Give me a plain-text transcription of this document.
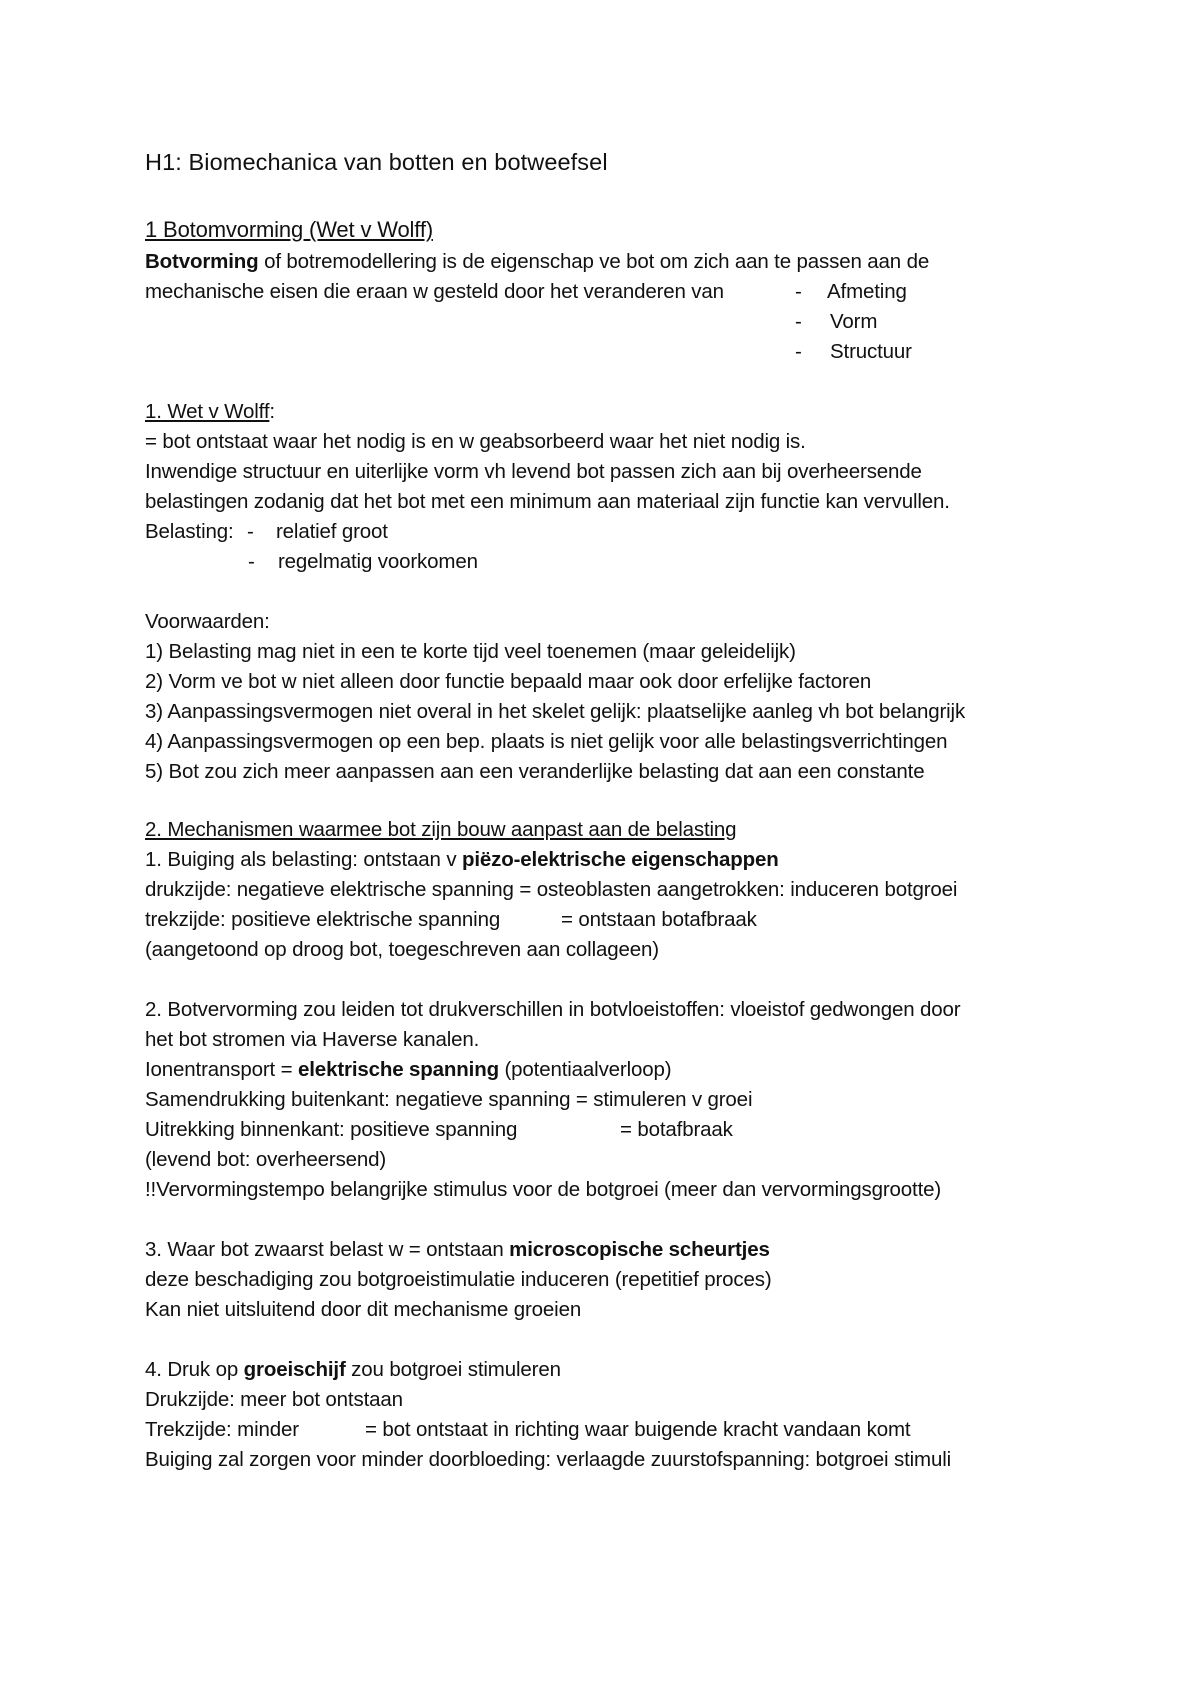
H1: Biomechanica van botten en botweefsel
1 Botomvorming (Wet v Wolff)
Botvorming of botremodellering is de eigenschap ve bot om zich aan te passen aan de
mechanische eisen die eraan w gesteld door het veranderen van	- Afmeting
- Vorm
- Structuur
1. Wet v Wolff:
= bot ontstaat waar het nodig is en w geabsorbeerd waar het niet nodig is.
Inwendige structuur en uiterlijke vorm vh levend bot passen zich aan bij overheersende
belastingen zodanig dat het bot met een minimum aan materiaal zijn functie kan vervullen.
Belasting: - relatief groot
- regelmatig voorkomen
Voorwaarden:
1) Belasting mag niet in een te korte tijd veel toenemen (maar geleidelijk)
2) Vorm ve bot w niet alleen door functie bepaald maar ook door erfelijke factoren
3) Aanpassingsvermogen niet overal in het skelet gelijk: plaatselijke aanleg vh bot belangrijk
4) Aanpassingsvermogen op een bep. plaats is niet gelijk voor alle belastingsverrichtingen
5) Bot zou zich meer aanpassen aan een veranderlijke belasting dat aan een constante
2. Mechanismen waarmee bot zijn bouw aanpast aan de belasting
1. Buiging als belasting: ontstaan v piëzo-elektrische eigenschappen
drukzijde: negatieve elektrische spanning = osteoblasten aangetrokken: induceren botgroei
trekzijde: positieve elektrische spanning	= ontstaan botafbraak
(aangetoond op droog bot, toegeschreven aan collageen)
2. Botvervorming zou leiden tot drukverschillen in botvloeistoffen: vloeistof gedwongen door
het bot stromen via Haverse kanalen.
Ionentransport = elektrische spanning (potentiaalverloop)
Samendrukking buitenkant: negatieve spanning = stimuleren v groei
Uitrekking binnenkant: positieve spanning	= botafbraak
(levend bot: overheersend)
!!Vervormingstempo belangrijke stimulus voor de botgroei (meer dan vervormingsgrootte)
3. Waar bot zwaarst belast w = ontstaan microscopische scheurtjes
deze beschadiging zou botgroeistimulatie induceren (repetitief proces)
Kan niet uitsluitend door dit mechanisme groeien
4. Druk op groeischijf zou botgroei stimuleren
Drukzijde: meer bot ontstaan
Trekzijde: minder	= bot ontstaat in richting waar buigende kracht vandaan komt
Buiging zal zorgen voor minder doorbloeding: verlaagde zuurstofspanning: botgroei stimuli
